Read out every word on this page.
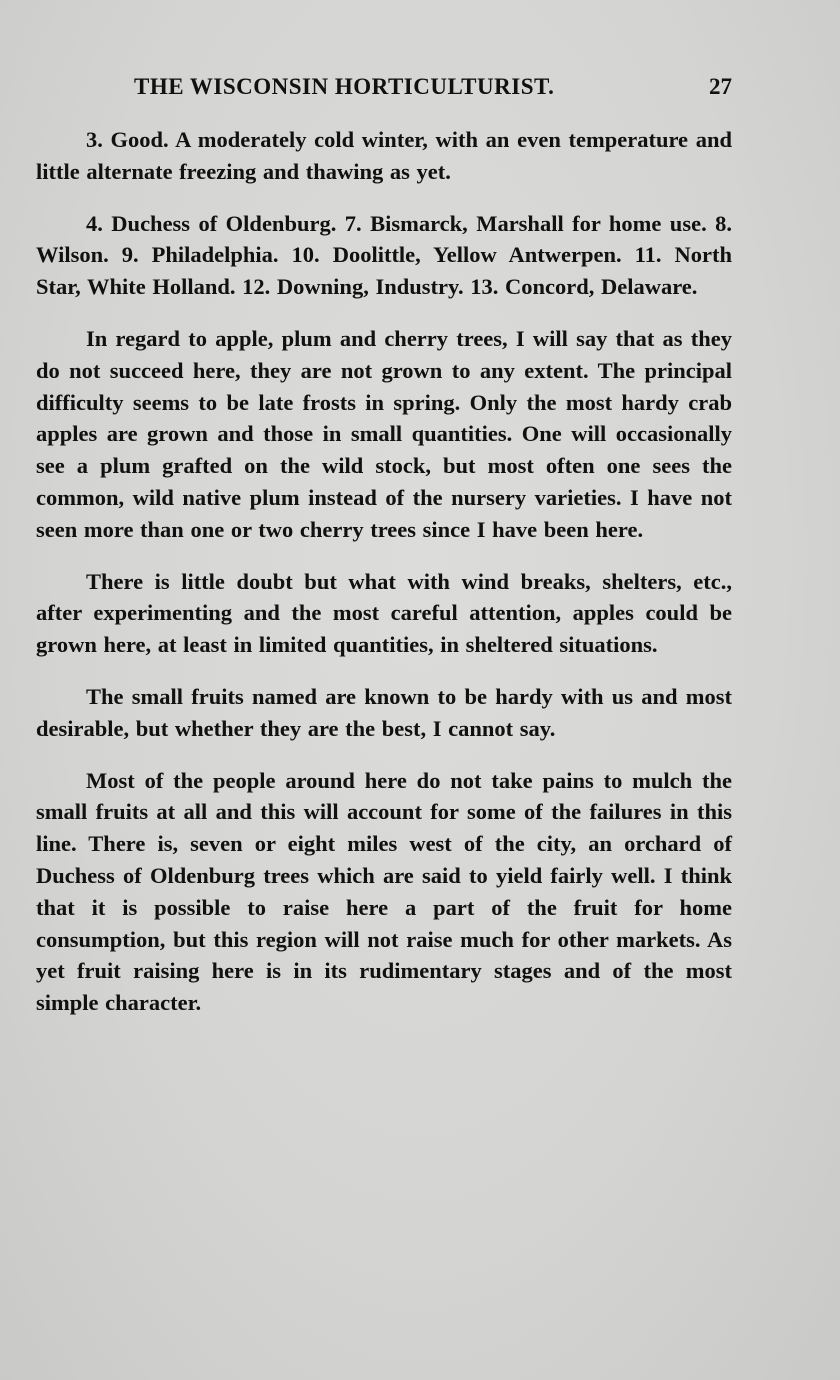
THE WISCONSIN HORTICULTURIST.	27

3. Good. A moderately cold winter, with an even temperature and little alternate freezing and thawing as yet.

4. Duchess of Oldenburg. 7. Bismarck, Marshall for home use. 8. Wilson. 9. Philadelphia. 10. Doolittle, Yellow Antwerpen. 11. North Star, White Holland. 12. Downing, Industry. 13. Concord, Delaware.

In regard to apple, plum and cherry trees, I will say that as they do not succeed here, they are not grown to any extent. The principal difficulty seems to be late frosts in spring. Only the most hardy crab apples are grown and those in small quantities. One will occasionally see a plum grafted on the wild stock, but most often one sees the common, wild native plum instead of the nursery varieties. I have not seen more than one or two cherry trees since I have been here.

There is little doubt but what with wind breaks, shelters, etc., after experimenting and the most careful attention, apples could be grown here, at least in limited quantities, in sheltered situations.

The small fruits named are known to be hardy with us and most desirable, but whether they are the best, I cannot say.

Most of the people around here do not take pains to mulch the small fruits at all and this will account for some of the failures in this line. There is, seven or eight miles west of the city, an orchard of Duchess of Oldenburg trees which are said to yield fairly well. I think that it is possible to raise here a part of the fruit for home consumption, but this region will not raise much for other markets. As yet fruit raising here is in its rudimentary stages and of the most simple character.
